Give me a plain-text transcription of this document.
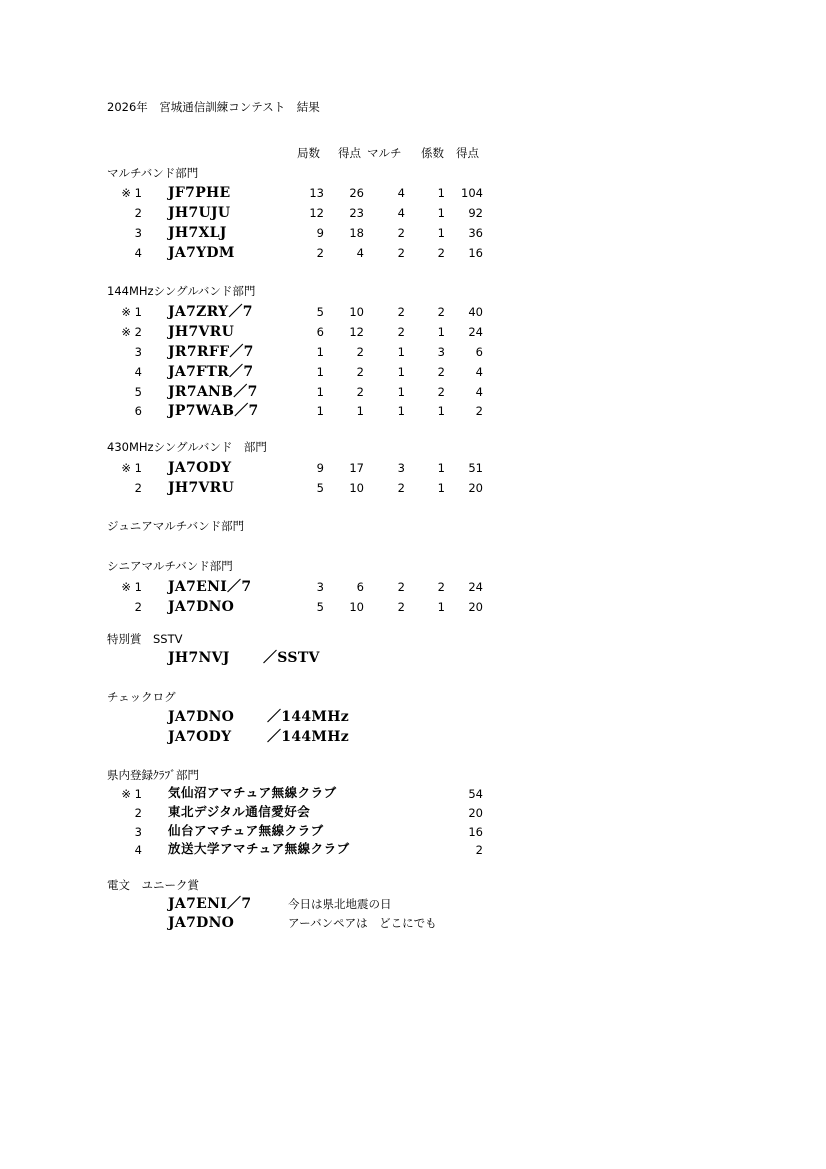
2026年　宮城通信訓練コンテスト　結果
局数 得点 マルチ 係数 得点
マルチバンド部門
※ 1 JF7PHE	13	26	4	1	104
2 JH7UJU	12	23	4	1	92
3 JH7XLJ	9	18	2	1	36
4 JA7YDM	2	4	2	2	16
144MHzシングルバンド部門
※ 1 JA7ZRY／7	5	10	2	2	40
※ 2 JH7VRU	6	12	2	1	24
3 JR7RFF／7	1	2	1	3	6
4 JA7FTR／7	1	2	1	2	4
5 JR7ANB／7	1	2	1	2	4
6 JP7WAB／7	1	1	1	1	2
430MHzシングルバンド　部門
※ 1 JA7ODY	9	17	3	1	51
2 JH7VRU	5	10	2	1	20
ジュニアマルチバンド部門
シニアマルチバンド部門
※ 1 JA7ENI／7	3	6	2	2	24
2 JA7DNO	5	10	2	1	20
特別賞　SSTV
JH7NVJ ／SSTV
チェックログ
JA7DNO ／144MHz
JA7ODY	／144MHz
県内登録ｸﾗﾌﾞ部門
※ 1 気仙沼アマチュア無線クラブ	54
2 東北デジタル通信愛好会	20
3 仙台アマチュア無線クラブ	16
4 放送大学アマチュア無線クラブ	2
電文　ユニーク賞
JA7ENI／7	今日は県北地震の日
JA7DNO	アーバンペアは　どこにでも
